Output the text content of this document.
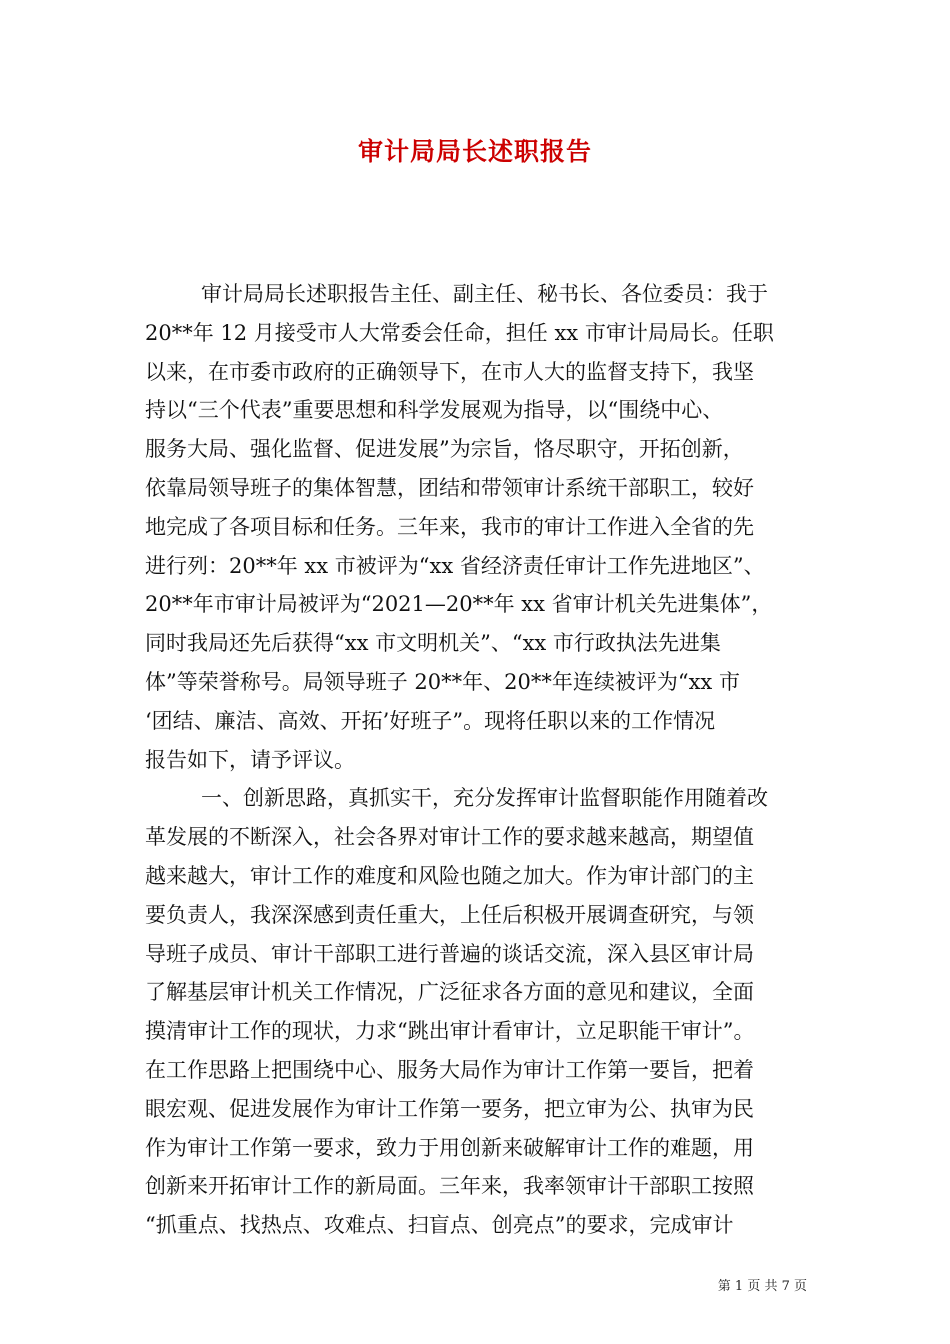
审计局局长述职报告
审计局局长述职报告主任、副主任、秘书长、各位委员：我于
20**年 12 月接受市人大常委会任命，担任 xx 市审计局局长。任职
以来，在市委市政府的正确领导下，在市人大的监督支持下，我坚
持以“三个代表”重要思想和科学发展观为指导，以“围绕中心、
服务大局、强化监督、促进发展”为宗旨，恪尽职守，开拓创新，
依靠局领导班子的集体智慧，团结和带领审计系统干部职工，较好
地完成了各项目标和任务。三年来，我市的审计工作进入全省的先
进行列：20**年 xx 市被评为“xx 省经济责任审计工作先进地区”、
20**年市审计局被评为“2021—20**年 xx 省审计机关先进集体”，
同时我局还先后获得“xx 市文明机关”、“xx 市行政执法先进集
体”等荣誉称号。局领导班子 20**年、20**年连续被评为“xx 市
‘团结、廉洁、高效、开拓’好班子”。现将任职以来的工作情况
报告如下，请予评议。
一、创新思路，真抓实干，充分发挥审计监督职能作用随着改
革发展的不断深入，社会各界对审计工作的要求越来越高，期望值
越来越大，审计工作的难度和风险也随之加大。作为审计部门的主
要负责人，我深深感到责任重大，上任后积极开展调查研究，与领
导班子成员、审计干部职工进行普遍的谈话交流，深入县区审计局
了解基层审计机关工作情况，广泛征求各方面的意见和建议，全面
摸清审计工作的现状，力求“跳出审计看审计，立足职能干审计”。
在工作思路上把围绕中心、服务大局作为审计工作第一要旨，把着
眼宏观、促进发展作为审计工作第一要务，把立审为公、执审为民
作为审计工作第一要求，致力于用创新来破解审计工作的难题，用
创新来开拓审计工作的新局面。三年来，我率领审计干部职工按照
“抓重点、找热点、攻难点、扫盲点、创亮点”的要求，完成审计
第 1 页 共 7 页
